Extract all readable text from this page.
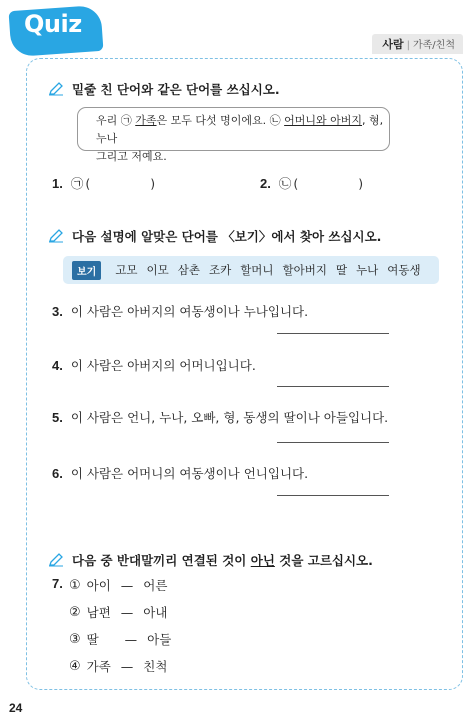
Quiz
사람 | 가족/친척
밑줄 친 단어와 같은 단어를 쓰십시오.
우리 ㉠ 가족은 모두 다섯 명이에요. ㉡ 어머니와 아버지, 형, 누나
그리고 저예요.
1. ㉠ (	)	2. ㉡ (	)
다음 설명에 알맞은 단어를 〈보기〉에서 찾아 쓰십시오.
보기	고모 이모 삼촌 조카 할머니 할아버지 딸 누나 여동생
3. 이 사람은 아버지의 여동생이나 누나입니다.
4. 이 사람은 아버지의 어머니입니다.
5. 이 사람은 언니, 누나, 오빠, 형, 동생의 딸이나 아들입니다.
6. 이 사람은 어머니의 여동생이나 언니입니다.
다음 중 반대말끼리 연결된 것이 아닌 것을 고르십시오.
7. ① 아이 — 어른
② 남편 — 아내
③ 딸 — 아들
④ 가족 — 친척
24
